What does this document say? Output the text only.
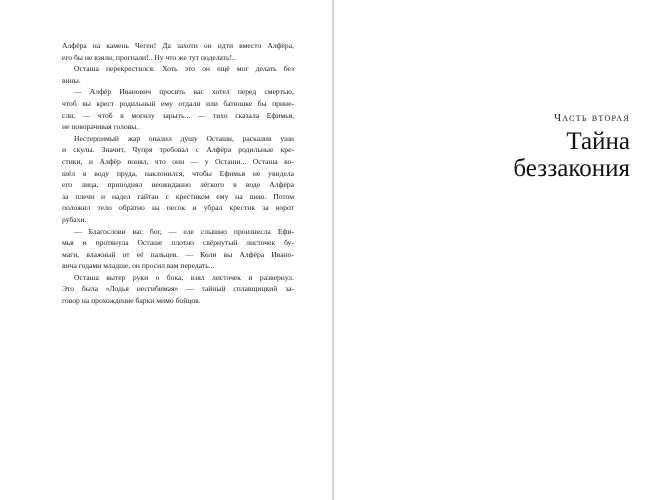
Алфёра на камень Чеген! Да захоти он идти вместо Алфёра,
его бы не взяли, прогнали!.. Ну что же тут поделать!..
Осташа перекрестился. Хоть это он ещё мог делать без
вины.
— Алфёр Иванович просить вас хотел перед смертью,
чтоб вы крест родильный ему отдали или батюшке бы прине-
сли, — чтоб в могилу зарыть... — тихо сказала Ефимья,
не поворачивая головы.
Нестерпимый жар опалил душу Осташи, раскалив уши
и скулы. Значит, Чупря требовал с Алфёра родильные кре-
стики, и Алфёр понял, что они — у Осташи... Осташа во-
шёл в воду пруда, наклонился, чтобы Ефимья не увидела
его лица, приподнял неожиданно лёгкого в воде Алфёра
за плечи и надел гайтан с крестиком ему на шею. Потом
положил тело обратно на песок и убрал крестик за ворот
рубахи.
— Благослови вас бог, — еле слышно произнесла Ефи-
мья и протянула Осташе плотно свёрнутый листочек бу-
маги, влажный от её пальцев. — Коли вы Алфёра Ивано-
вича годами младше, он просил вам передать...
Осташа вытер руки о бока, взял листочек и развернул.
Это была «Лодья несгибимая» — тайный сплавщицкий за-
говор на прохождение барки мимо бойцов.
Часть вторая
Тайна
беззакония
